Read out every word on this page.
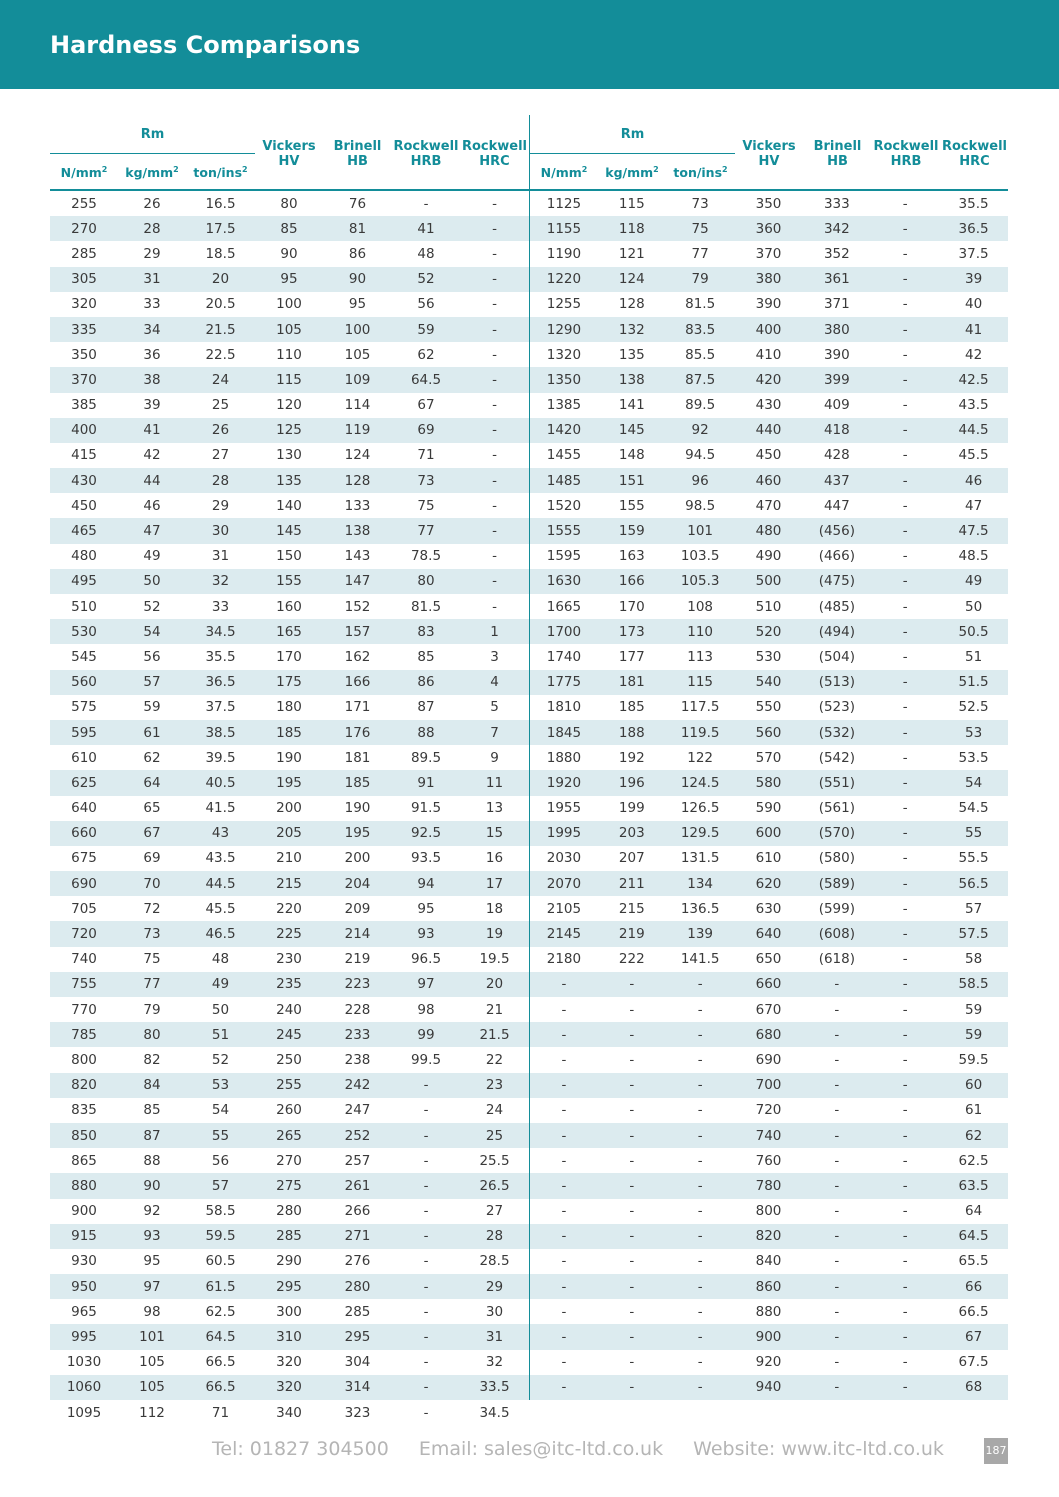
Hardness Comparisons
Rm
$N/mm^2$	$kg/mm^2$	ton/ins$^2$
Vickers
HV
Brinell
HB
Rockwell
HRB
Rockwell
HRC
255	26	16.5	80	76	-	-
270	28	17.5	85	81	41	-
285	29	18.5	90	86	48	-
305	31	20	95	90	52	-
320	33	20.5	100	95	56	-
335	34	21.5	105	100	59	-
350	36	22.5	110	105	62	-
370	38	24	115	109	64.5	-
385	39	25	120	114	67	-
400	41	26	125	119	69	-
415	42	27	130	124	71	-
430	44	28	135	128	73	-
450	46	29	140	133	75	-
465	47	30	145	138	77	-
480	49	31	150	143	78.5	-
495	50	32	155	147	80	-
510	52	33	160	152	81.5	-
530	54	34.5	165	157	83	1
545	56	35.5	170	162	85	3
560	57	36.5	175	166	86	4
575	59	37.5	180	171	87	5
595	61	38.5	185	176	88	7
610	62	39.5	190	181	89.5	9
625	64	40.5	195	185	91	11
640	65	41.5	200	190	91.5	13
660	67	43	205	195	92.5	15
675	69	43.5	210	200	93.5	16
690	70	44.5	215	204	94	17
705	72	45.5	220	209	95	18
720	73	46.5	225	214	93	19
740	75	48	230	219	96.5	19.5
755	77	49	235	223	97	20
770	79	50	240	228	98	21
785	80	51	245	233	99	21.5
800	82	52	250	238	99.5	22
820	84	53	255	242	-	23
835	85	54	260	247	-	24
850	87	55	265	252	-	25
865	88	56	270	257	-	25.5
880	90	57	275	261	-	26.5
900	92	58.5	280	266	-	27
915	93	59.5	285	271	-	28
930	95	60.5	290	276	-	28.5
950	97	61.5	295	280	-	29
965	98	62.5	300	285	-	30
995	101	64.5	310	295	-	31
1030	105	66.5	320	304	-	32
1060	105	66.5	320	314	-	33.5
1095	112	71	340	323	-	34.5
Rm
$N/mm^2$	$kg/mm^2$	ton/ins$^2$
Vickers
HV
Brinell
HB
Rockwell
HRB
Rockwell
HRC
1125	115	73	350	333	-	35.5
1155	118	75	360	342	-	36.5
1190	121	77	370	352	-	37.5
1220	124	79	380	361	-	39
1255	128	81.5	390	371	-	40
1290	132	83.5	400	380	-	41
1320	135	85.5	410	390	-	42
1350	138	87.5	420	399	-	42.5
1385	141	89.5	430	409	-	43.5
1420	145	92	440	418	-	44.5
1455	148	94.5	450	428	-	45.5
1485	151	96	460	437	-	46
1520	155	98.5	470	447	-	47
1555	159	101	480	(456)	-	47.5
1595	163	103.5	490	(466)	-	48.5
1630	166	105.3	500	(475)	-	49
1665	170	108	510	(485)	-	50
1700	173	110	520	(494)	-	50.5
1740	177	113	530	(504)	-	51
1775	181	115	540	(513)	-	51.5
1810	185	117.5	550	(523)	-	52.5
1845	188	119.5	560	(532)	-	53
1880	192	122	570	(542)	-	53.5
1920	196	124.5	580	(551)	-	54
1955	199	126.5	590	(561)	-	54.5
1995	203	129.5	600	(570)	-	55
2030	207	131.5	610	(580)	-	55.5
2070	211	134	620	(589)	-	56.5
2105	215	136.5	630	(599)	-	57
2145	219	139	640	(608)	-	57.5
2180	222	141.5	650	(618)	-	58
-	-	-	660	-	-	58.5
-	-	-	670	-	-	59
-	-	-	680	-	-	59
-	-	-	690	-	-	59.5
-	-	-	700	-	-	60
-	-	-	720	-	-	61
-	-	-	740	-	-	62
-	-	-	760	-	-	62.5
-	-	-	780	-	-	63.5
-	-	-	800	-	-	64
-	-	-	820	-	-	64.5
-	-	-	840	-	-	65.5
-	-	-	860	-	-	66
-	-	-	880	-	-	66.5
-	-	-	900	-	-	67
-	-	-	920	-	-	67.5
-	-	-	940	-	-	68
Tel: 01827 304500 Email: sales@itc-ltd.co.uk Website: www.itc-ltd.co.uk	187
